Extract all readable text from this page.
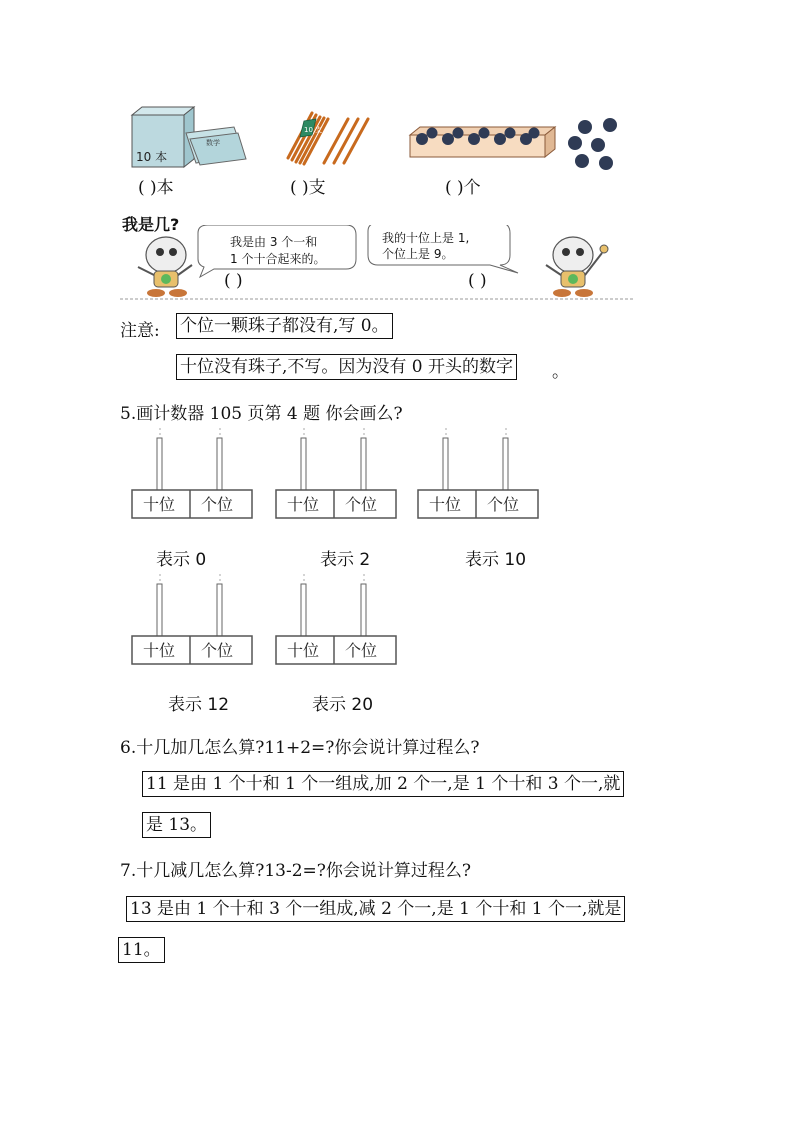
10 本
数学
10 支
( )本	( )支	( )个
我是几?
我是由 3 个一和
1 个十合起来的。
我的十位上是 1,
个位上是 9。
( )	( )
注意: 个位一颗珠子都没有,写 0。
十位没有珠子,不写。因为没有 0 开头的数字 。
5.画计数器 105 页第 4 题 你会画么?
十位 个位	十位 个位	十位 个位
表示 0	表示 2	表示 10
十位 个位	十位 个位
表示 12	表示 20
6.十几加几怎么算?11+2=?你会说计算过程么?
11 是由 1 个十和 1 个一组成,加 2 个一,是 1 个十和 3 个一,就
是 13。
7.十几减几怎么算?13-2=?你会说计算过程么?
13 是由 1 个十和 3 个一组成,减 2 个一,是 1 个十和 1 个一,就是
11。
